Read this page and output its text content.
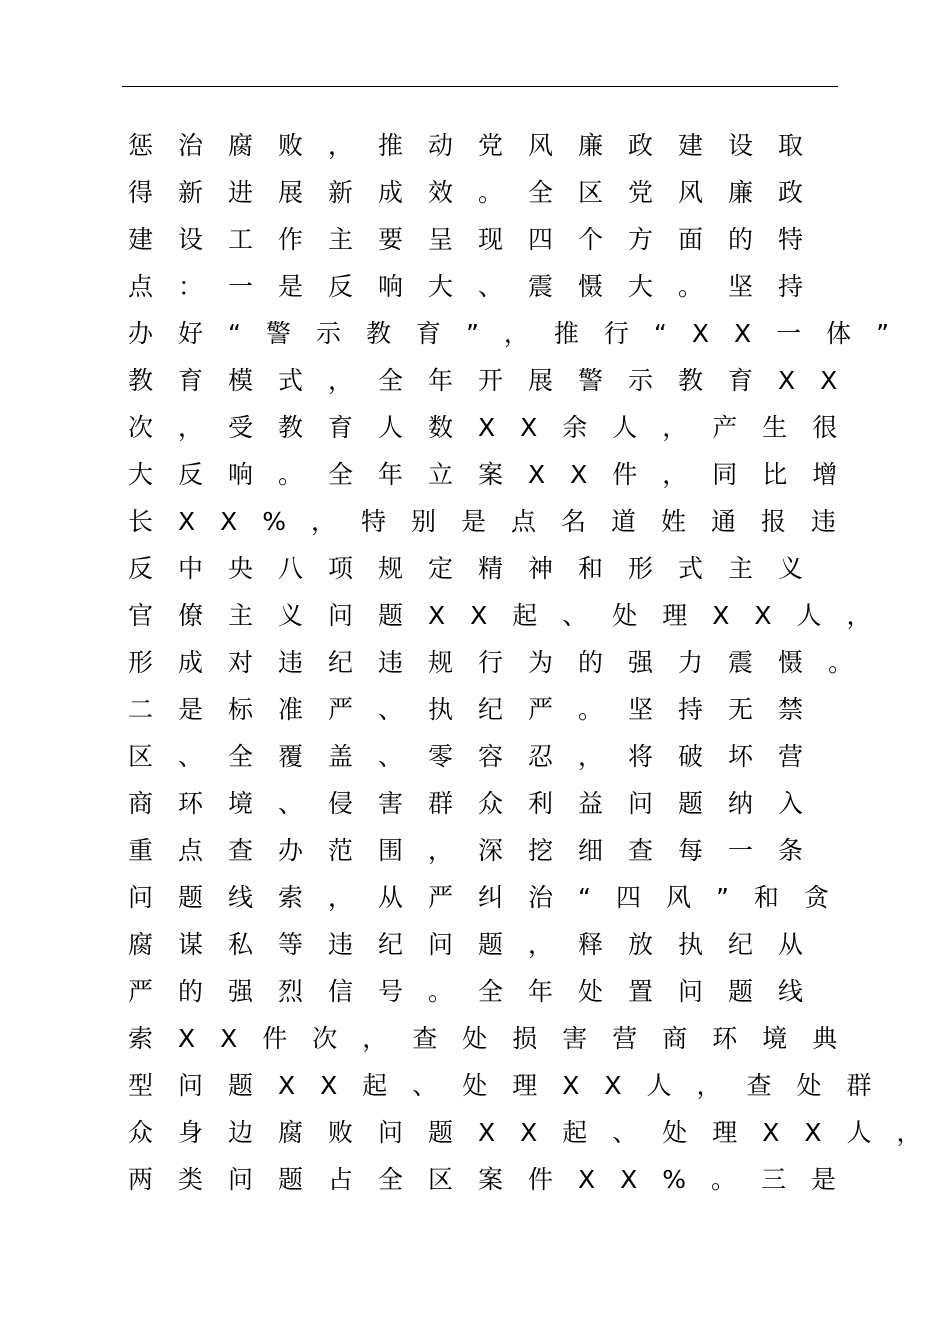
惩治腐败，推动党风廉政建设取
得新进展新成效。全区党风廉政
建设工作主要呈现四个方面的特
点：一是反响大、震慑大。坚持
办好“警示教育”，推行“XX一体”
教育模式，全年开展警示教育XX
次，受教育人数XX余人，产生很
大反响。全年立案XX件，同比增
长XX%，特别是点名道姓通报违
反中央八项规定精神和形式主义
官僚主义问题XX起、处理XX人，
形成对违纪违规行为的强力震慑。
二是标准严、执纪严。坚持无禁
区、全覆盖、零容忍，将破坏营
商环境、侵害群众利益问题纳入
重点查办范围，深挖细查每一条
问题线索，从严纠治“四风”和贪
腐谋私等违纪问题，释放执纪从
严的强烈信号。全年处置问题线
索XX件次，查处损害营商环境典
型问题XX起、处理XX人，查处群
众身边腐败问题XX起、处理XX人，
两类问题占全区案件XX%。三是
